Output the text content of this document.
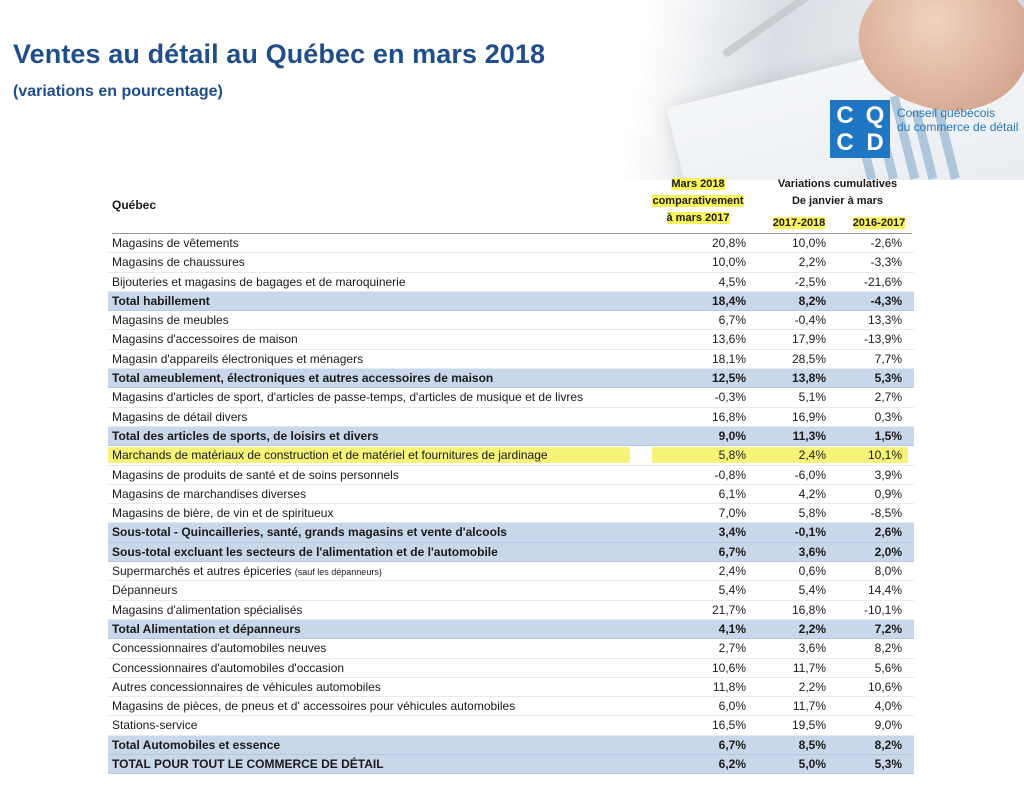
C Q
C D
Conseil québécois
du commerce de détail
Ventes au détail au Québec en mars 2018
(variations en pourcentage)
Québec
Mars 2018
comparativement
à mars 2017
Variations cumulatives
De janvier à mars
2017-2018	2016-2017
Magasins de vêtements	20,8%	10,0%	-2,6%
Magasins de chaussures	10,0%	2,2%	-3,3%
Bijouteries et magasins de bagages et de maroquinerie	4,5%	-2,5%	-21,6%
Total habillement	18,4%	8,2%	-4,3%
Magasins de meubles	6,7%	-0,4%	13,3%
Magasins d'accessoires de maison	13,6%	17,9%	-13,9%
Magasin d'appareils électroniques et ménagers	18,1%	28,5%	7,7%
Total ameublement, électroniques et autres accessoires de maison	12,5%	13,8%	5,3%
Magasins d'articles de sport, d'articles de passe-temps, d'articles de musique et de livres	-0,3%	5,1%	2,7%
Magasins de détail divers	16,8%	16,9%	0,3%
Total des articles de sports, de loisirs et divers	9,0%	11,3%	1,5%
Marchands de matériaux de construction et de matériel et fournitures de jardinage	5,8%	2,4%	10,1%
Magasins de produits de santé et de soins personnels	-0,8%	-6,0%	3,9%
Magasins de marchandises diverses	6,1%	4,2%	0,9%
Magasins de bière, de vin et de spiritueux	7,0%	5,8%	-8,5%
Sous-total - Quincailleries, santé, grands magasins et vente d'alcools	3,4%	-0,1%	2,6%
Sous-total excluant les secteurs de l'alimentation et de l'automobile	6,7%	3,6%	2,0%
Supermarchés et autres épiceries (sauf les dépanneurs)	2,4%	0,6%	8,0%
Dépanneurs	5,4%	5,4%	14,4%
Magasins d'alimentation spécialisés	21,7%	16,8%	-10,1%
Total Alimentation et dépanneurs	4,1%	2,2%	7,2%
Concessionnaires d'automobiles neuves	2,7%	3,6%	8,2%
Concessionnaires d'automobiles d'occasion	10,6%	11,7%	5,6%
Autres concessionnaires de véhicules automobiles	11,8%	2,2%	10,6%
Magasins de pièces, de pneus et d' accessoires pour véhicules automobiles	6,0%	11,7%	4,0%
Stations-service	16,5%	19,5%	9,0%
Total Automobiles et essence	6,7%	8,5%	8,2%
TOTAL POUR TOUT LE COMMERCE DE DÉTAIL	6,2%	5,0%	5,3%
